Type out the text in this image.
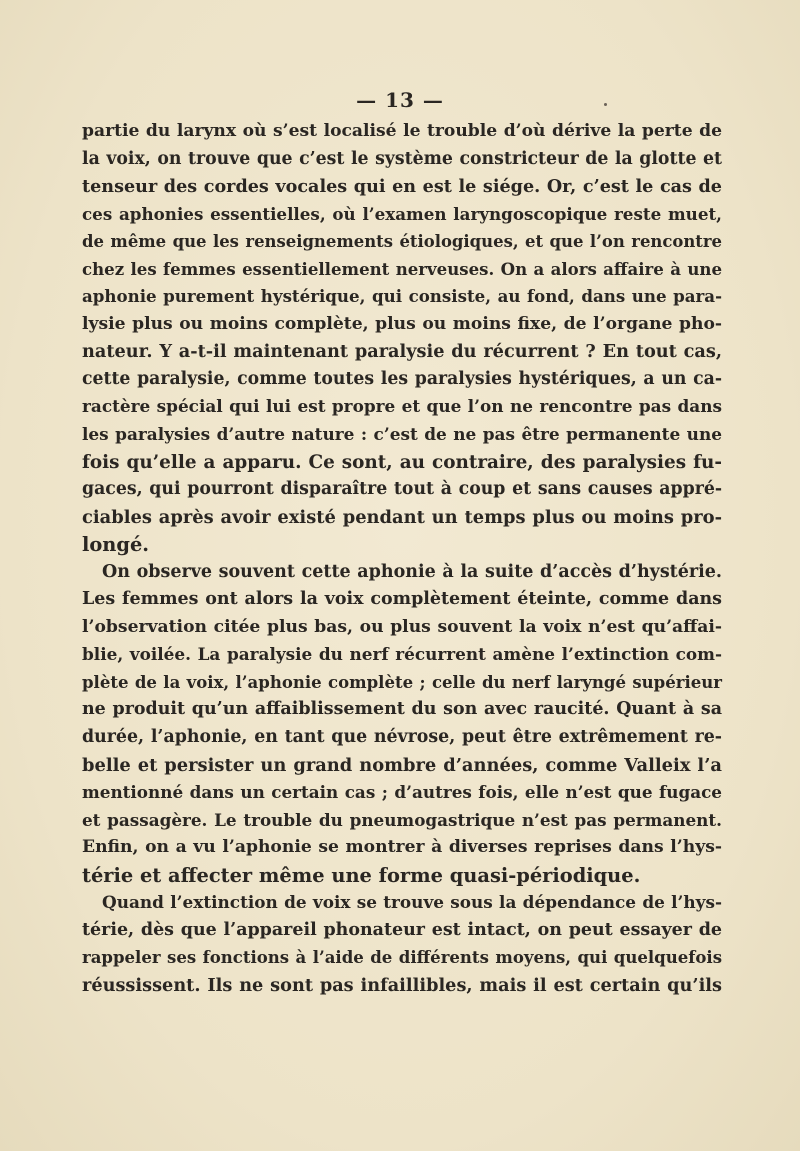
— 13 —
partie du larynx où s’est localisé le trouble d’où dérive la perte de
la voix, on trouve que c’est le système constricteur de la glotte et
tenseur des cordes vocales qui en est le siége. Or, c’est le cas de
ces aphonies essentielles, où l’examen laryngoscopique reste muet,
de même que les renseignements étiologiques, et que l’on rencontre
chez les femmes essentiellement nerveuses. On a alors affaire à une
aphonie purement hystérique, qui consiste, au fond, dans une para-
lysie plus ou moins complète, plus ou moins fixe, de l’organe pho-
nateur. Y a-t-il maintenant paralysie du récurrent ? En tout cas,
cette paralysie, comme toutes les paralysies hystériques, a un ca-
ractère spécial qui lui est propre et que l’on ne rencontre pas dans
les paralysies d’autre nature : c’est de ne pas être permanente une
fois qu’elle a apparu. Ce sont, au contraire, des paralysies fu-
gaces, qui pourront disparaître tout à coup et sans causes appré-
ciables après avoir existé pendant un temps plus ou moins pro-
longé.
On observe souvent cette aphonie à la suite d’accès d’hystérie.
Les femmes ont alors la voix complètement éteinte, comme dans
l’observation citée plus bas, ou plus souvent la voix n’est qu’affai-
blie, voilée. La paralysie du nerf récurrent amène l’extinction com-
plète de la voix, l’aphonie complète ; celle du nerf laryngé supérieur
ne produit qu’un affaiblissement du son avec raucité. Quant à sa
durée, l’aphonie, en tant que névrose, peut être extrêmement re-
belle et persister un grand nombre d’années, comme Valleix l’a
mentionné dans un certain cas ; d’autres fois, elle n’est que fugace
et passagère. Le trouble du pneumogastrique n’est pas permanent.
Enfin, on a vu l’aphonie se montrer à diverses reprises dans l’hys-
térie et affecter même une forme quasi-périodique.
Quand l’extinction de voix se trouve sous la dépendance de l’hys-
térie, dès que l’appareil phonateur est intact, on peut essayer de
rappeler ses fonctions à l’aide de différents moyens, qui quelquefois
réussissent. Ils ne sont pas infaillibles, mais il est certain qu’ils
